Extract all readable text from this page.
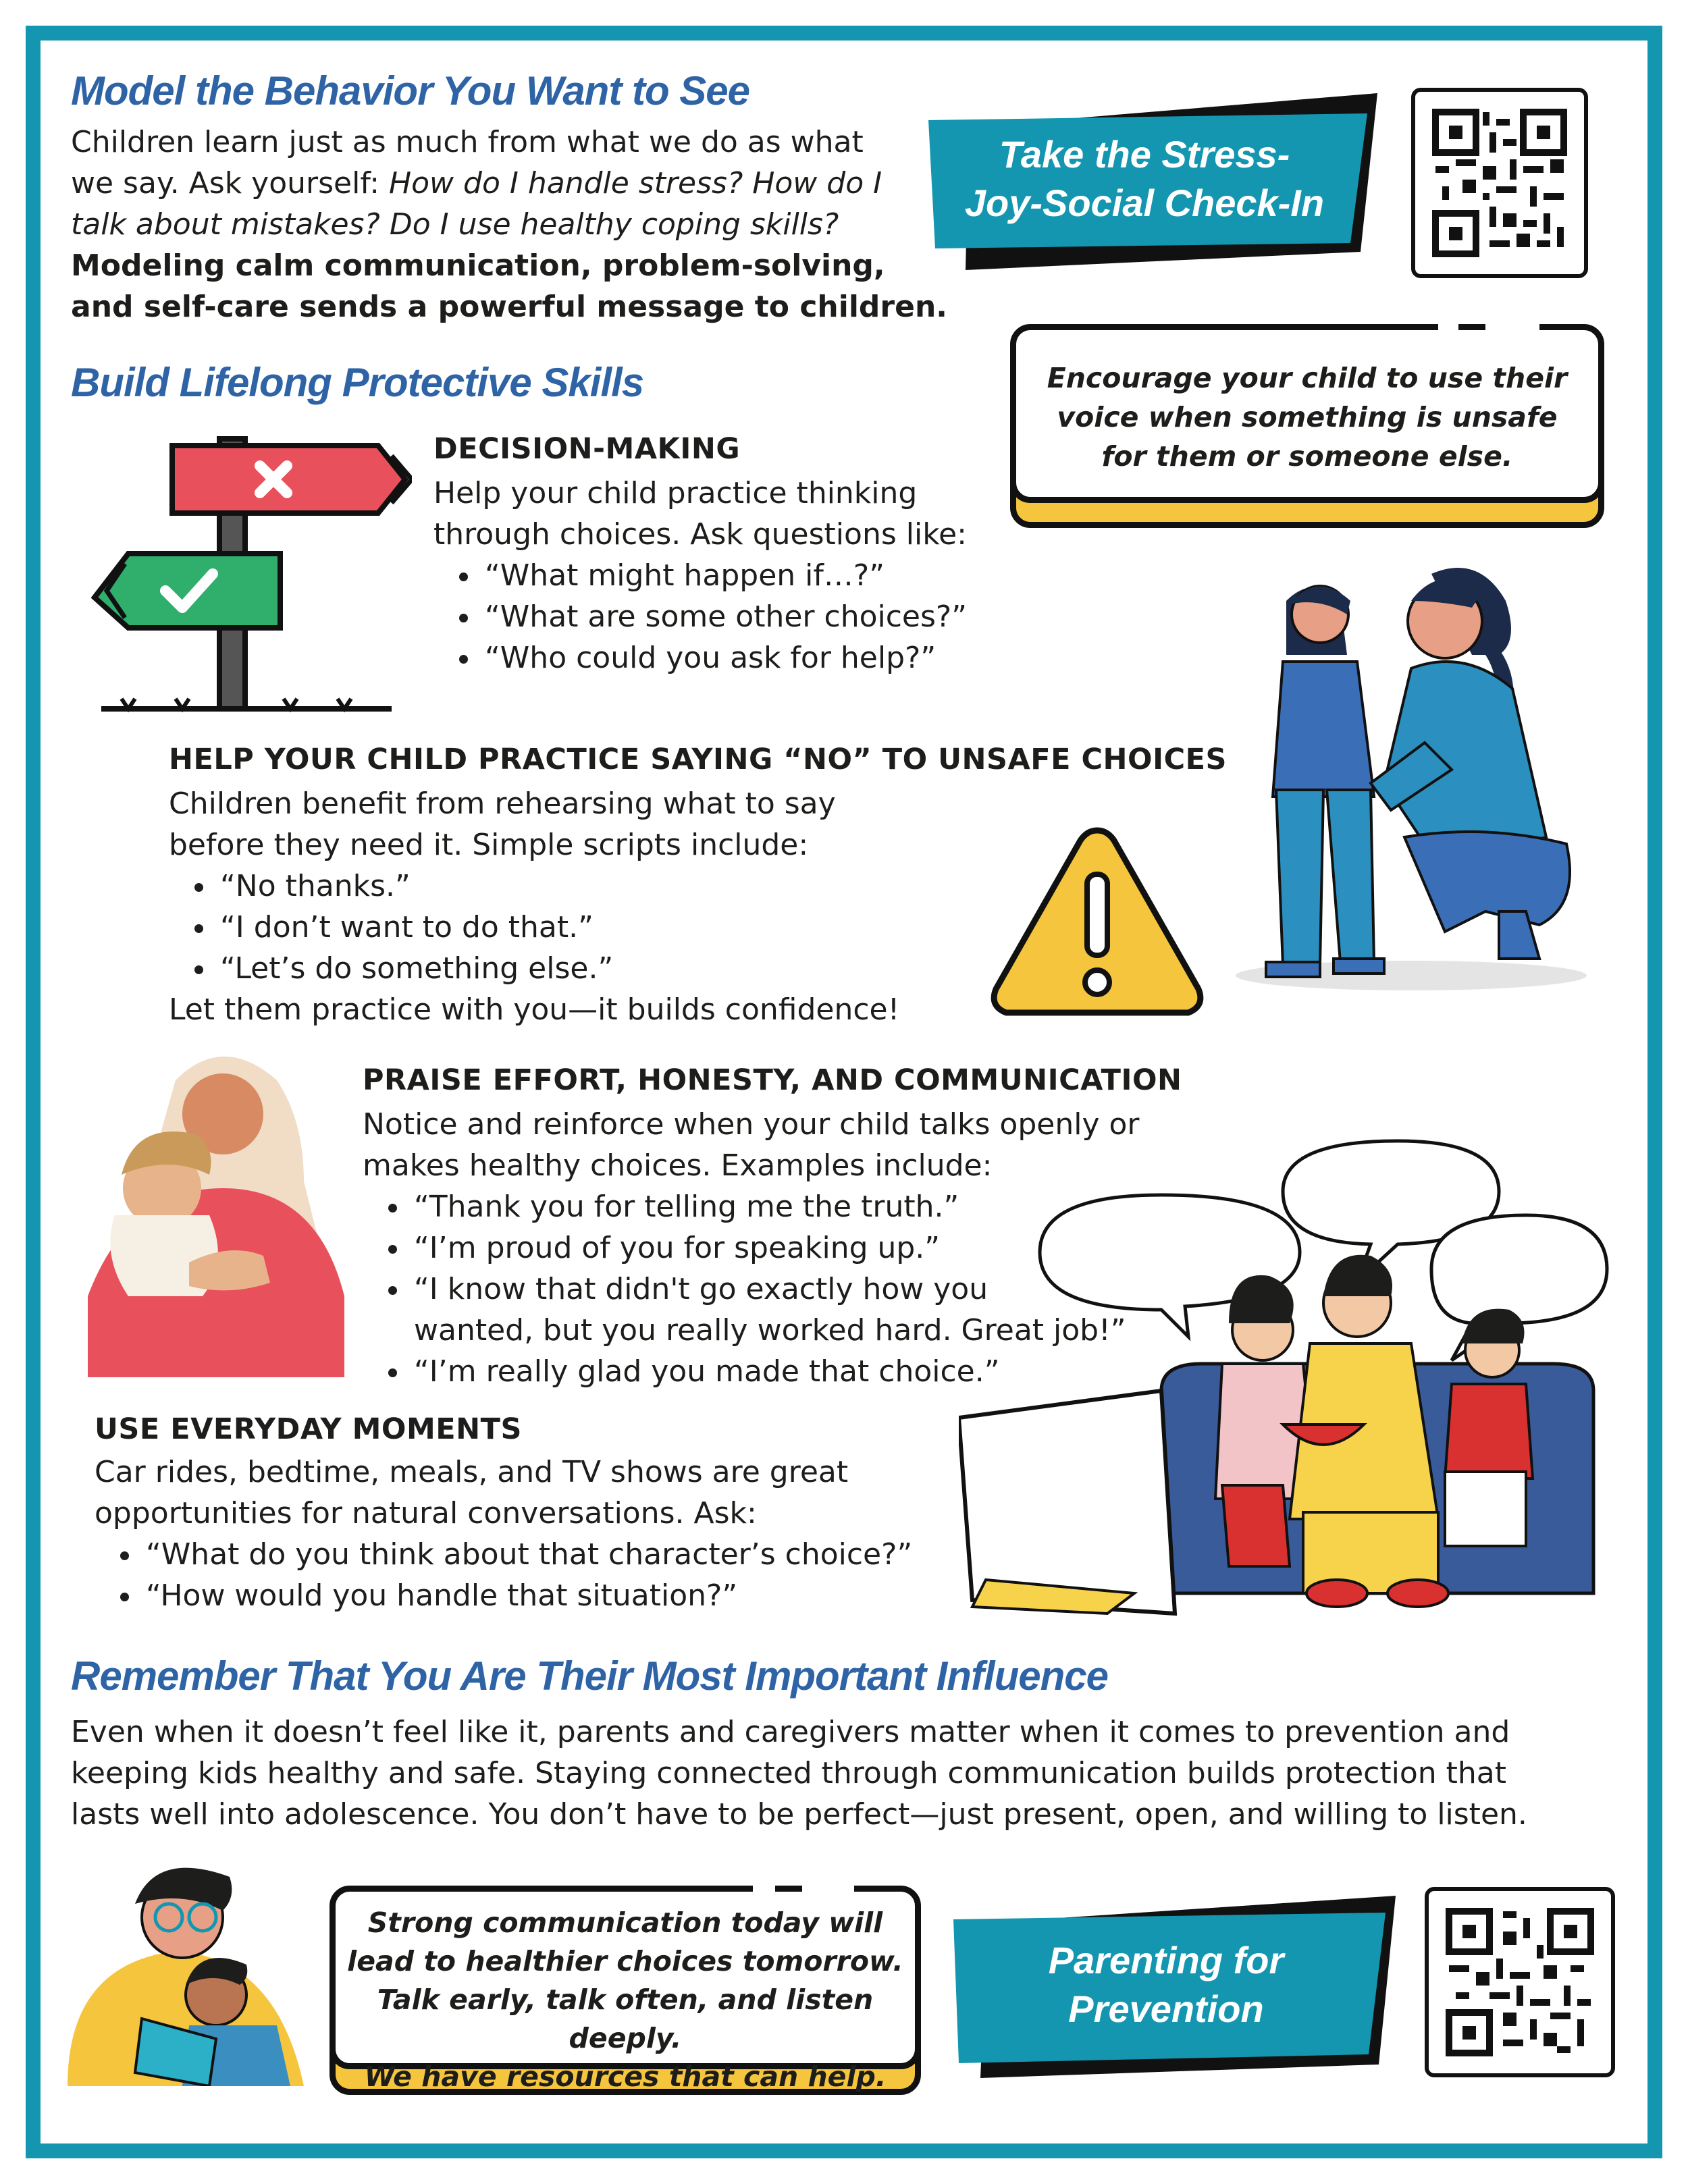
Model the Behavior You Want to See
Children learn just as much from what we do as what
we say. Ask yourself: How do I handle stress? How do I
talk about mistakes? Do I use healthy coping skills?
Modeling calm communication, problem-solving,
and self-care sends a powerful message to children.
Take the Stress-
Joy-Social Check-In
Build Lifelong Protective Skills	Encourage your child to use their
voice when something is unsafe
for them or someone else.
DECISION-MAKING
Help your child practice thinking
through choices. Ask questions like:
“What might happen if…?”
“What are some other choices?”
“Who could you ask for help?”
HELP YOUR CHILD PRACTICE SAYING “NO” TO UNSAFE CHOICES
Children benefit from rehearsing what to say
before they need it. Simple scripts include:
“No thanks.”
“I don’t want to do that.”
“Let’s do something else.”
Let them practice with you—it builds confidence!
PRAISE EFFORT, HONESTY, AND COMMUNICATION
Notice and reinforce when your child talks openly or
makes healthy choices. Examples include:
“Thank you for telling me the truth.”
“I’m proud of you for speaking up.”
“I know that didn't go exactly how you
wanted, but you really worked hard. Great job!”
“I’m really glad you made that choice.”
USE EVERYDAY MOMENTS
Car rides, bedtime, meals, and TV shows are great
opportunities for natural conversations. Ask:
“What do you think about that character’s choice?”
“How would you handle that situation?”
Remember That You Are Their Most Important Influence
Even when it doesn’t feel like it, parents and caregivers matter when it comes to prevention and
keeping kids healthy and safe. Staying connected through communication builds protection that
lasts well into adolescence. You don’t have to be perfect—just present, open, and willing to listen.
Strong communication today will
lead to healthier choices tomorrow.
Talk early, talk often, and listen deeply.
We have resources that can help.
Parenting for
Prevention
